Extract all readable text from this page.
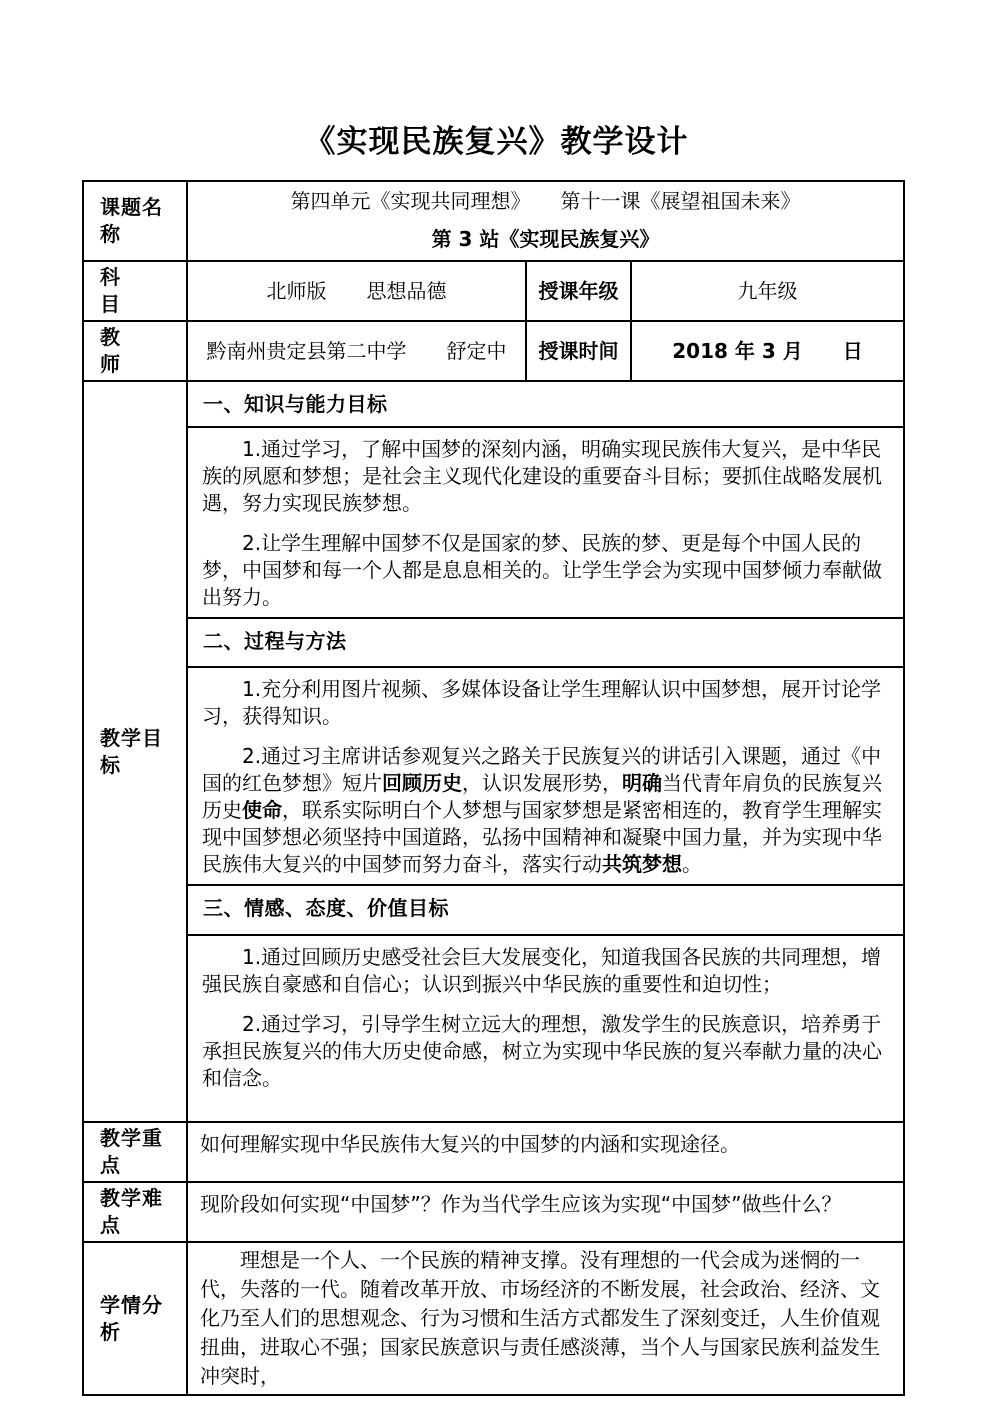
《实现民族复兴》教学设计
课题名称	第四单元《实现共同理想》　　第十一课《展望祖国未来》
第 3 站《实现民族复兴》		

科　　目	北师版　　思想品德	授课年级	九年级
教　　师	黔南州贵定县第二中学　　舒定中	授课时间	2018 年 3 月　　日
教学目标	一、知识与能力目标		

	1.通过学习，了解中国梦的深刻内涵，明确实现民族伟大复兴，是中华民族的夙愿和梦想；是社会主义现代化建设的重要奋斗目标；要抓住战略发展机遇，努力实现民族梦想。
2.让学生理解中国梦不仅是国家的梦、民族的梦、更是每个中国人民的梦，中国梦和每一个人都是息息相关的。让学生学会为实现中国梦倾力奉献做出努力。		

	二、过程与方法		

	1.充分利用图片视频、多媒体设备让学生理解认识中国梦想，展开讨论学习，获得知识。
2.通过习主席讲话参观复兴之路关于民族复兴的讲话引入课题，通过《中国的红色梦想》短片回顾历史，认识发展形势，明确当代青年肩负的民族复兴历史使命，联系实际明白个人梦想与国家梦想是紧密相连的，教育学生理解实现中国梦想必须坚持中国道路，弘扬中国精神和凝聚中国力量，并为实现中华民族伟大复兴的中国梦而努力奋斗，落实行动共筑梦想。		

	三、情感、态度、价值目标		

	1.通过回顾历史感受社会巨大发展变化，知道我国各民族的共同理想，增强民族自豪感和自信心；认识到振兴中华民族的重要性和迫切性；
2.通过学习，引导学生树立远大的理想，激发学生的民族意识，培养勇于承担民族复兴的伟大历史使命感，树立为实现中华民族的复兴奉献力量的决心和信念。		

教学重点	如何理解实现中华民族伟大复兴的中国梦的内涵和实现途径。		
教学难点	现阶段如何实现“中国梦”？作为当代学生应该为实现“中国梦”做些什么？		
学情分析	理想是一个人、一个民族的精神支撑。没有理想的一代会成为迷惘的一代，失落的一代。随着改革开放、市场经济的不断发展，社会政治、经济、文化乃至人们的思想观念、行为习惯和生活方式都发生了深刻变迁，人生价值观扭曲，进取心不强；国家民族意识与责任感淡薄，当个人与国家民族利益发生冲突时，		
